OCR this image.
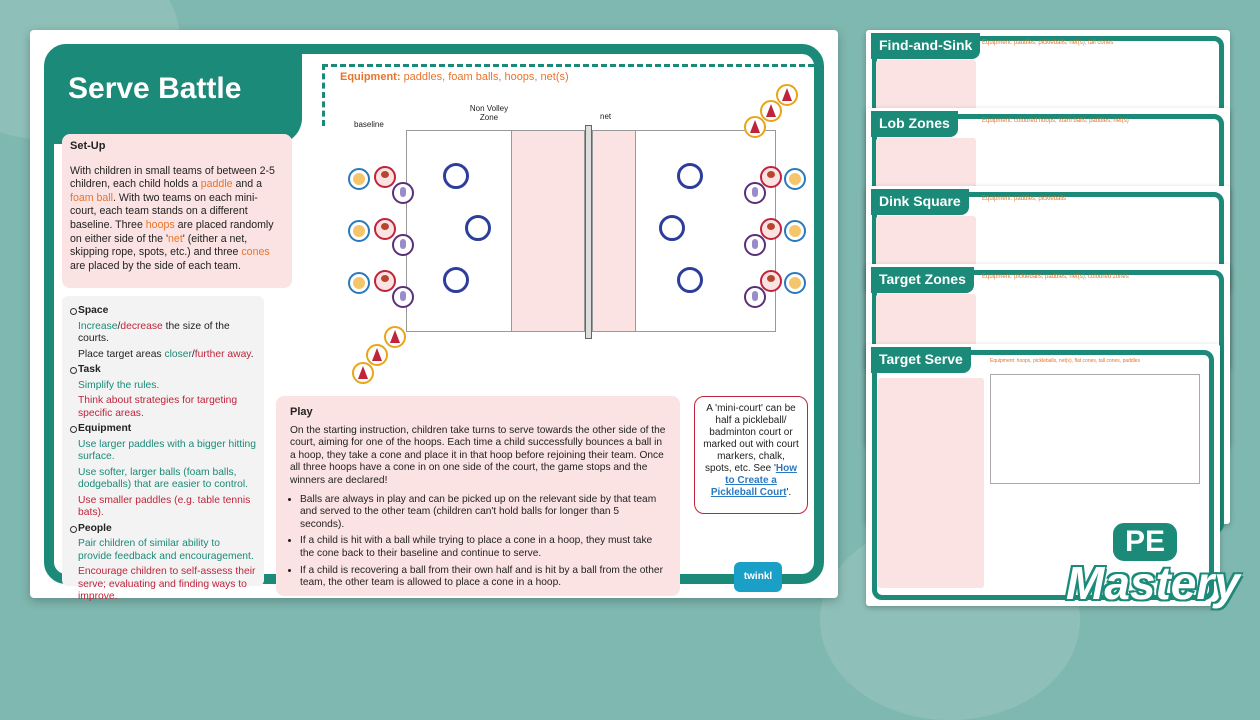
Serve Battle	Equipment: paddles, foam balls, hoops, net(s)
Set-Up
With children in small teams of between 2-5 children, each child holds a paddle and a foam ball. With two teams on each mini-court, each team stands on a different baseline. Three hoops are placed randomly on either side of the 'net' (either a net, skipping rope, spots, etc.) and three cones are placed by the side of each team.
Space

Increase/decrease the size of the courts.

Place target areas closer/further away.

Task

Simplify the rules.

Think about strategies for targeting specific areas.

Equipment

Use larger paddles with a bigger hitting surface.

Use softer, larger balls (foam balls, dodgeballs) that are easier to control.

Use smaller paddles (e.g. table tennis bats).

People

Pair children of similar ability to provide feedback and encouragement.

Encourage children to self-assess their serve; evaluating and finding ways to improve.

baseline
Non Volley Zone	net
Play
On the starting instruction, children take turns to serve towards the other side of the court, aiming for one of the hoops. Each time a child successfully bounces a ball in a hoop, they take a cone and place it in that hoop before rejoining their team. Once all three hoops have a cone in on one side of the court, the game stops and the winners are declared!
• Balls are always in play and can be picked up on the relevant side by that team and served to the other team (children can't hold balls for longer than 5 seconds).
• If a child is hit with a ball while trying to place a cone in a hoop, they must take the cone back to their baseline and continue to serve.
• If a child is recovering a ball from their own half and is hit by a ball from the other team, the other team is allowed to place a cone in a hoop.
A 'mini-court' can be half a pickleball/ badminton court or marked out with court markers, chalk, spots, etc. See 'How to Create a Pickleball Court'.
twinkl
Find-and-Sink	Equipment: paddles, pickleballs, net(s), tall cones
Lob Zones	Equipment: coloured hoops, foam balls, paddles, net(s)
Dink Square	Equipment: paddles, pickleballs
Target Zones	Equipment: pickleballs, paddles, net(s), coloured zones
Target Serve	Equipment: hoops, pickleballs, net(s), flat cones, tall cones, paddles
PE
Mastery
